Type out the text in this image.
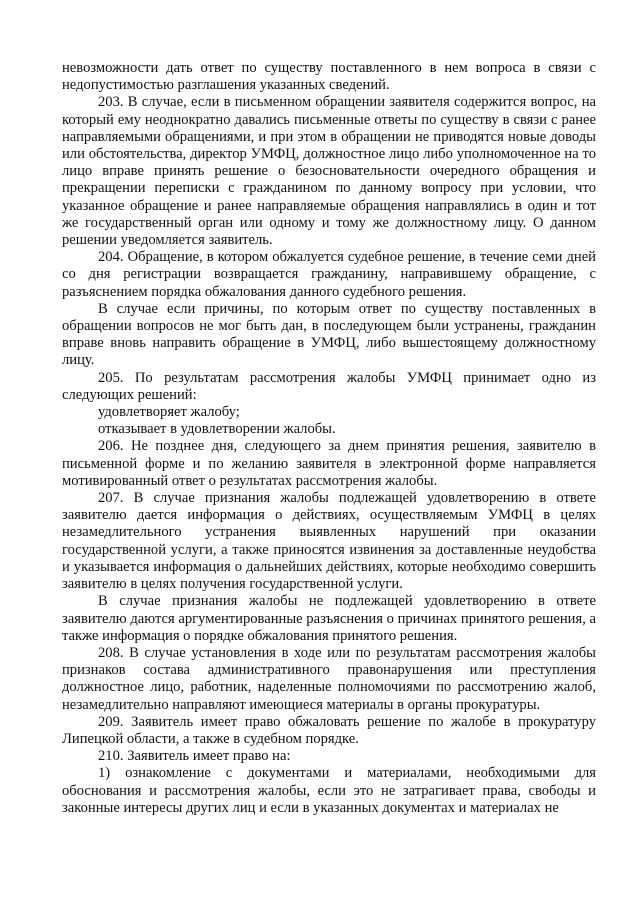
невозможности дать ответ по существу поставленного в нем вопроса в связи с недопустимостью разглашения указанных сведений.

203. В случае, если в письменном обращении заявителя содержится вопрос, на который ему неоднократно давались письменные ответы по существу в связи с ранее направляемыми обращениями, и при этом в обращении не приводятся новые доводы или обстоятельства, директор УМФЦ, должностное лицо либо уполномоченное на то лицо вправе принять решение о безосновательности очередного обращения и прекращении переписки с гражданином по данному вопросу при условии, что указанное обращение и ранее направляемые обращения направлялись в один и тот же государственный орган или одному и тому же должностному лицу. О данном решении уведомляется заявитель.

204. Обращение, в котором обжалуется судебное решение, в течение семи дней со дня регистрации возвращается гражданину, направившему обращение, с разъяснением порядка обжалования данного судебного решения.

В случае если причины, по которым ответ по существу поставленных в обращении вопросов не мог быть дан, в последующем были устранены, гражданин вправе вновь направить обращение в УМФЦ, либо вышестоящему должностному лицу.

205. По результатам рассмотрения жалобы УМФЦ принимает одно из следующих решений:

удовлетворяет жалобу;

отказывает в удовлетворении жалобы.

206. Не позднее дня, следующего за днем принятия решения, заявителю в письменной форме и по желанию заявителя в электронной форме направляется мотивированный ответ о результатах рассмотрения жалобы.

207. В случае признания жалобы подлежащей удовлетворению в ответе заявителю дается информация о действиях, осуществляемым УМФЦ в целях незамедлительного устранения выявленных нарушений при оказании государственной услуги, а также приносятся извинения за доставленные неудобства и указывается информация о дальнейших действиях, которые необходимо совершить заявителю в целях получения государственной услуги.

В случае признания жалобы не подлежащей удовлетворению в ответе заявителю даются аргументированные разъяснения о причинах принятого решения, а также информация о порядке обжалования принятого решения.

208. В случае установления в ходе или по результатам рассмотрения жалобы признаков состава административного правонарушения или преступления должностное лицо, работник, наделенные полномочиями по рассмотрению жалоб, незамедлительно направляют имеющиеся материалы в органы прокуратуры.

209. Заявитель имеет право обжаловать решение по жалобе в прокуратуру Липецкой области, а также в судебном порядке.

210. Заявитель имеет право на:

1) ознакомление с документами и материалами, необходимыми для обоснования и рассмотрения жалобы, если это не затрагивает права, свободы и законные интересы других лиц и если в указанных документах и материалах не
